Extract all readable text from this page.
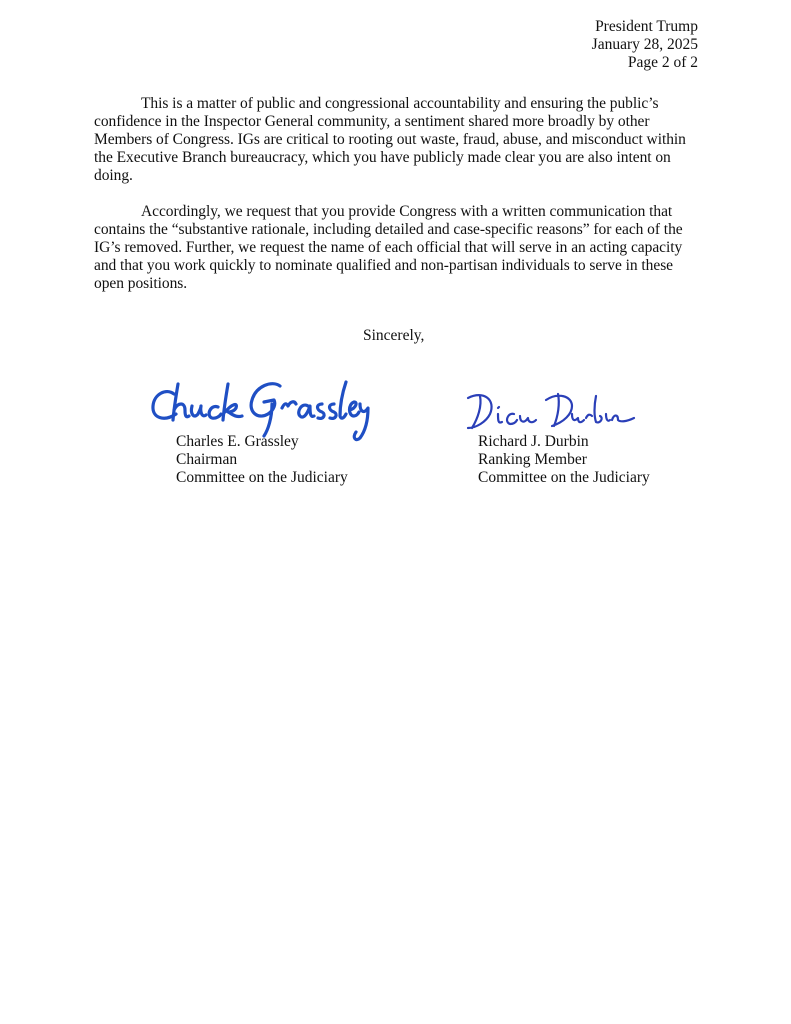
President Trump
January 28, 2025
Page 2 of 2

This is a matter of public and congressional accountability and ensuring the public’s confidence in the Inspector General community, a sentiment shared more broadly by other Members of Congress. IGs are critical to rooting out waste, fraud, abuse, and misconduct within the Executive Branch bureaucracy, which you have publicly made clear you are also intent on doing.

Accordingly, we request that you provide Congress with a written communication that contains the “substantive rationale, including detailed and case-specific reasons” for each of the IG’s removed. Further, we request the name of each official that will serve in an acting capacity and that you work quickly to nominate qualified and non-partisan individuals to serve in these open positions.

Sincerely,
Charles E. Grassley
Chairman
Committee on the Judiciary
Richard J. Durbin
Ranking Member
Committee on the Judiciary
